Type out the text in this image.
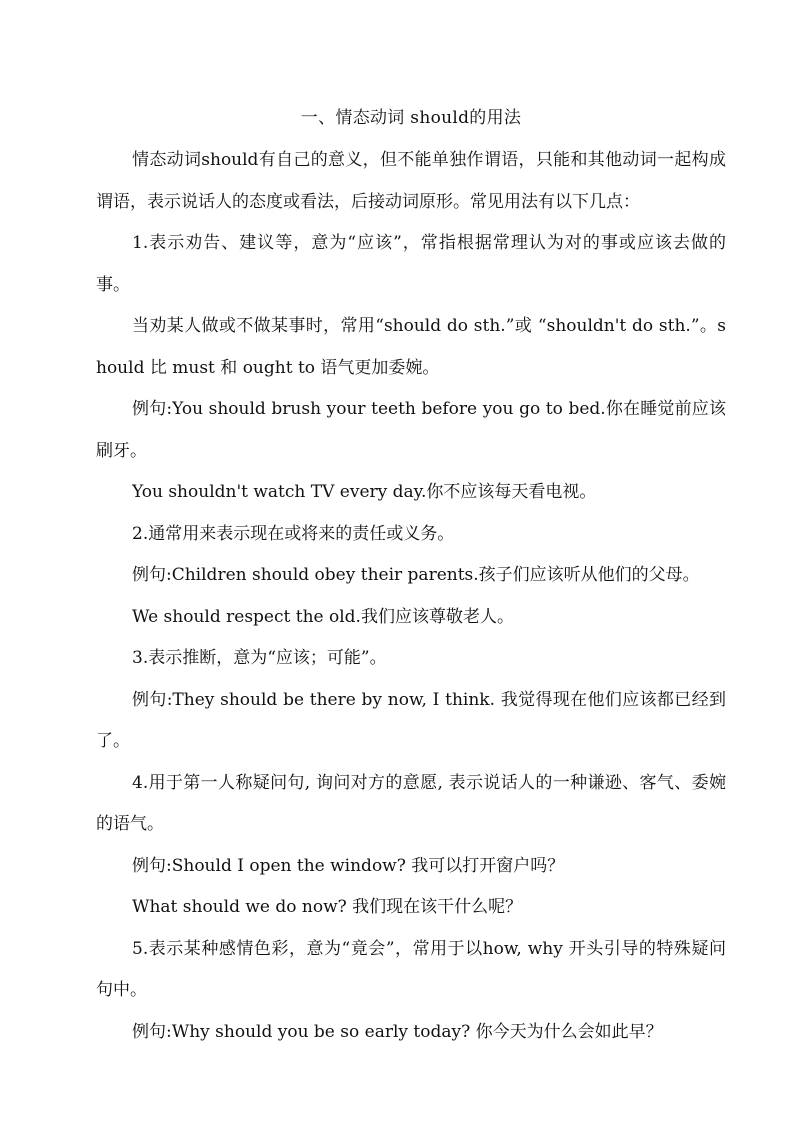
一、情态动词 should的用法

情态动词should有自己的意义，但不能单独作谓语，只能和其他动词一起构成谓语，表示说话人的态度或看法，后接动词原形。常见用法有以下几点：

1.表示劝告、建议等，意为“应该”，常指根据常理认为对的事或应该去做的事。

当劝某人做或不做某事时，常用“should do sth.”或 “shouldn't do sth.”。should 比 must 和 ought to 语气更加委婉。

例句:You should brush your teeth before you go to bed.你在睡觉前应该刷牙。

You shouldn't watch TV every day.你不应该每天看电视。

2.通常用来表示现在或将来的责任或义务。

例句:Children should obey their parents.孩子们应该听从他们的父母。

We should respect the old.我们应该尊敬老人。

3.表示推断，意为“应该；可能”。

例句:They should be there by now, I think. 我觉得现在他们应该都已经到了。

4.用于第一人称疑问句, 询问对方的意愿, 表示说话人的一种谦逊、客气、委婉的语气。

例句:Should I open the window? 我可以打开窗户吗？

What should we do now? 我们现在该干什么呢？

5.表示某种感情色彩，意为“竟会”，常用于以how, why 开头引导的特殊疑问句中。

例句:Why should you be so early today? 你今天为什么会如此早？
